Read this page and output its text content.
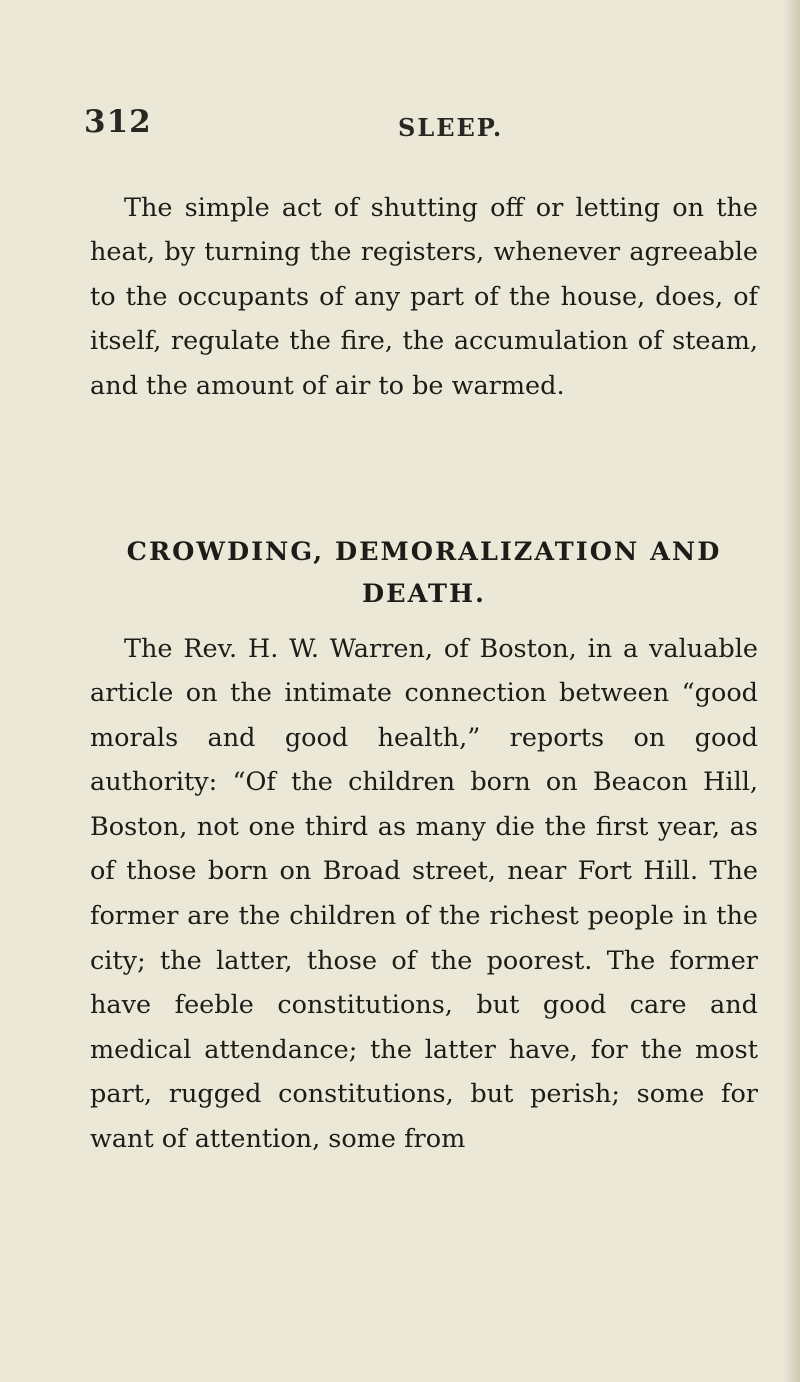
312	SLEEP.

The simple act of shutting off or letting on the heat, by turning the registers, whenever agreeable to the occupants of any part of the house, does, of itself, regulate the fire, the accumulation of steam, and the amount of air to be warmed.

CROWDING, DEMORALIZATION AND DEATH.

The Rev. H. W. Warren, of Boston, in a valuable article on the intimate connection between “good morals and good health,” reports on good authority: “Of the children born on Beacon Hill, Boston, not one third as many die the first year, as of those born on Broad street, near Fort Hill. The former are the children of the richest people in the city; the latter, those of the poorest. The former have feeble constitutions, but good care and medical attendance; the latter have, for the most part, rugged constitutions, but perish; some for want of attention, some from
